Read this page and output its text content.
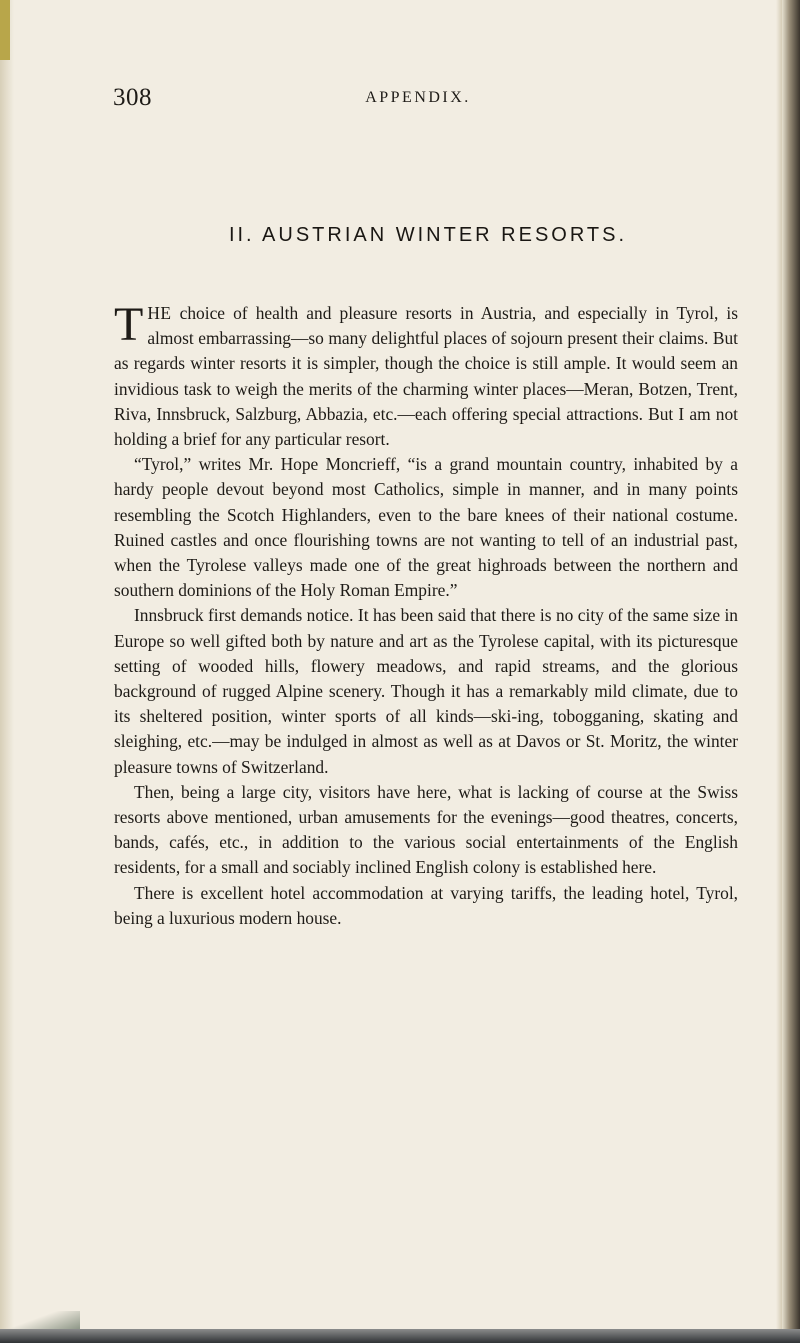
308	APPENDIX.
II. AUSTRIAN WINTER RESORTS.

THE choice of health and pleasure resorts in Austria, and especially in Tyrol, is almost embarrassing—so many delightful places of sojourn present their claims. But as regards winter resorts it is simpler, though the choice is still ample. It would seem an invidious task to weigh the merits of the charming winter places—Meran, Botzen, Trent, Riva, Innsbruck, Salzburg, Abbazia, etc.—each offering special attractions. But I am not holding a brief for any particular resort.

“Tyrol,” writes Mr. Hope Moncrieff, “is a grand mountain country, inhabited by a hardy people devout beyond most Catholics, simple in manner, and in many points resembling the Scotch Highlanders, even to the bare knees of their national costume. Ruined castles and once flourishing towns are not wanting to tell of an industrial past, when the Tyrolese valleys made one of the great highroads between the northern and southern dominions of the Holy Roman Empire.”

Innsbruck first demands notice. It has been said that there is no city of the same size in Europe so well gifted both by nature and art as the Tyrolese capital, with its picturesque setting of wooded hills, flowery meadows, and rapid streams, and the glorious background of rugged Alpine scenery. Though it has a remarkably mild climate, due to its sheltered position, winter sports of all kinds—ski-ing, tobogganing, skating and sleighing, etc.—may be indulged in almost as well as at Davos or St. Moritz, the winter pleasure towns of Switzerland.

Then, being a large city, visitors have here, what is lacking of course at the Swiss resorts above mentioned, urban amusements for the evenings—good theatres, concerts, bands, cafés, etc., in addition to the various social entertainments of the English residents, for a small and sociably inclined English colony is established here.

There is excellent hotel accommodation at varying tariffs, the leading hotel, Tyrol, being a luxurious modern house.
